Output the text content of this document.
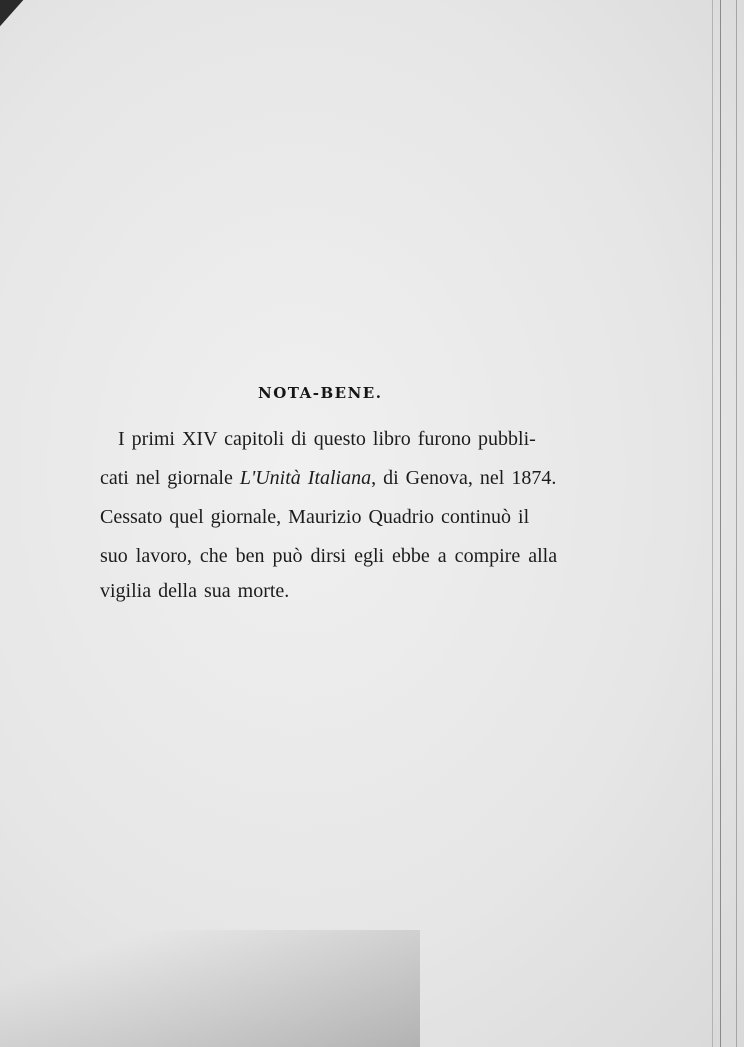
NOTA-BENE.
I primi XIV capitoli di questo libro furono pubbli-
cati nel giornale L'Unità Italiana, di Genova, nel 1874.
Cessato quel giornale, Maurizio Quadrio continuò il
suo lavoro, che ben può dirsi egli ebbe a compire alla
vigilia della sua morte.
